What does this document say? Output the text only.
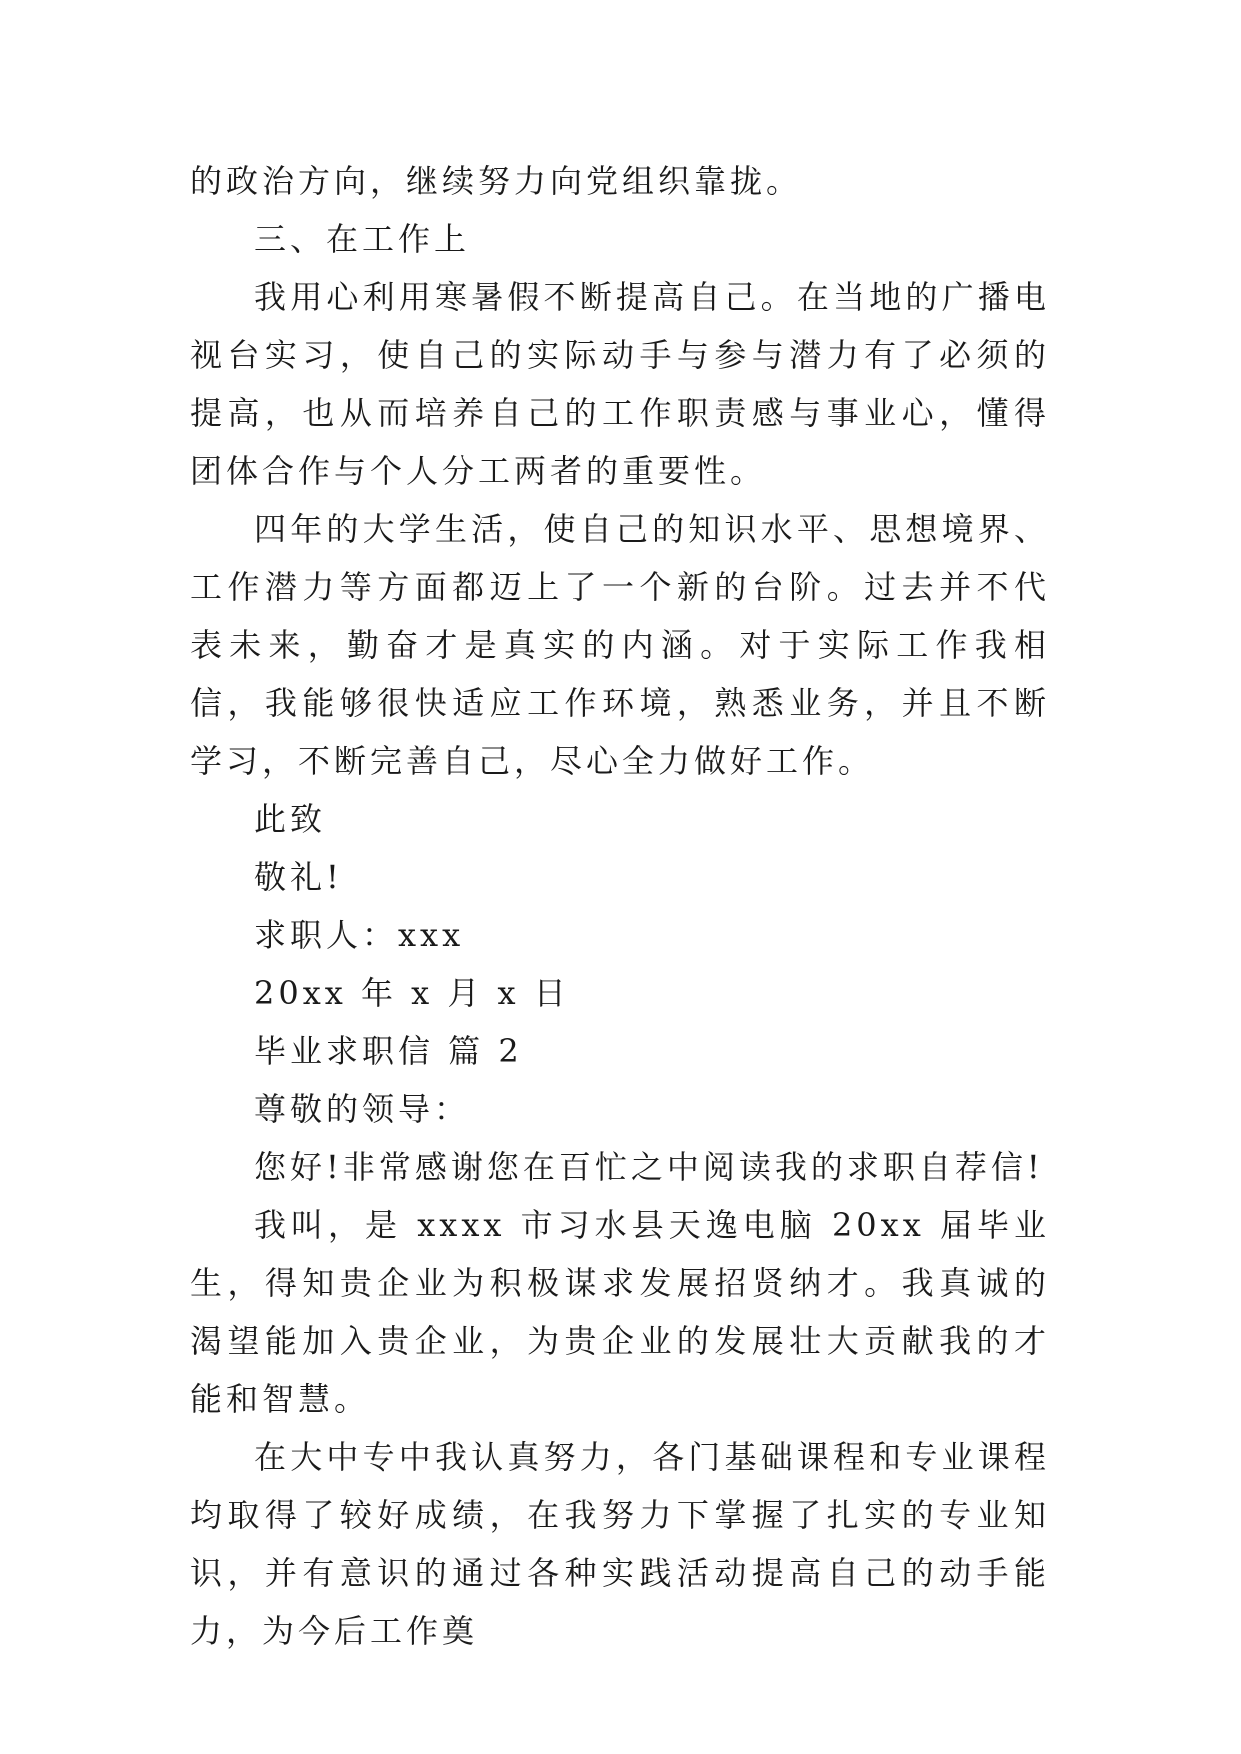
的政治方向，继续努力向党组织靠拢。

三、在工作上

我用心利用寒暑假不断提高自己。在当地的广播电视台实习，使自己的实际动手与参与潜力有了必须的提高，也从而培养自己的工作职责感与事业心，懂得团体合作与个人分工两者的重要性。

四年的大学生活，使自己的知识水平、思想境界、工作潜力等方面都迈上了一个新的台阶。过去并不代表未来，勤奋才是真实的内涵。对于实际工作我相信，我能够很快适应工作环境，熟悉业务，并且不断学习，不断完善自己，尽心全力做好工作。

此致

敬礼!

求职人：xxx

20xx 年 x 月 x 日

毕业求职信 篇 2

尊敬的领导：

您好!非常感谢您在百忙之中阅读我的求职自荐信!

我叫，是 xxxx 市习水县天逸电脑 20xx 届毕业生，得知贵企业为积极谋求发展招贤纳才。我真诚的渴望能加入贵企业，为贵企业的发展壮大贡献我的才能和智慧。

在大中专中我认真努力，各门基础课程和专业课程均取得了较好成绩，在我努力下掌握了扎实的专业知识，并有意识的通过各种实践活动提高自己的动手能力，为今后工作奠
